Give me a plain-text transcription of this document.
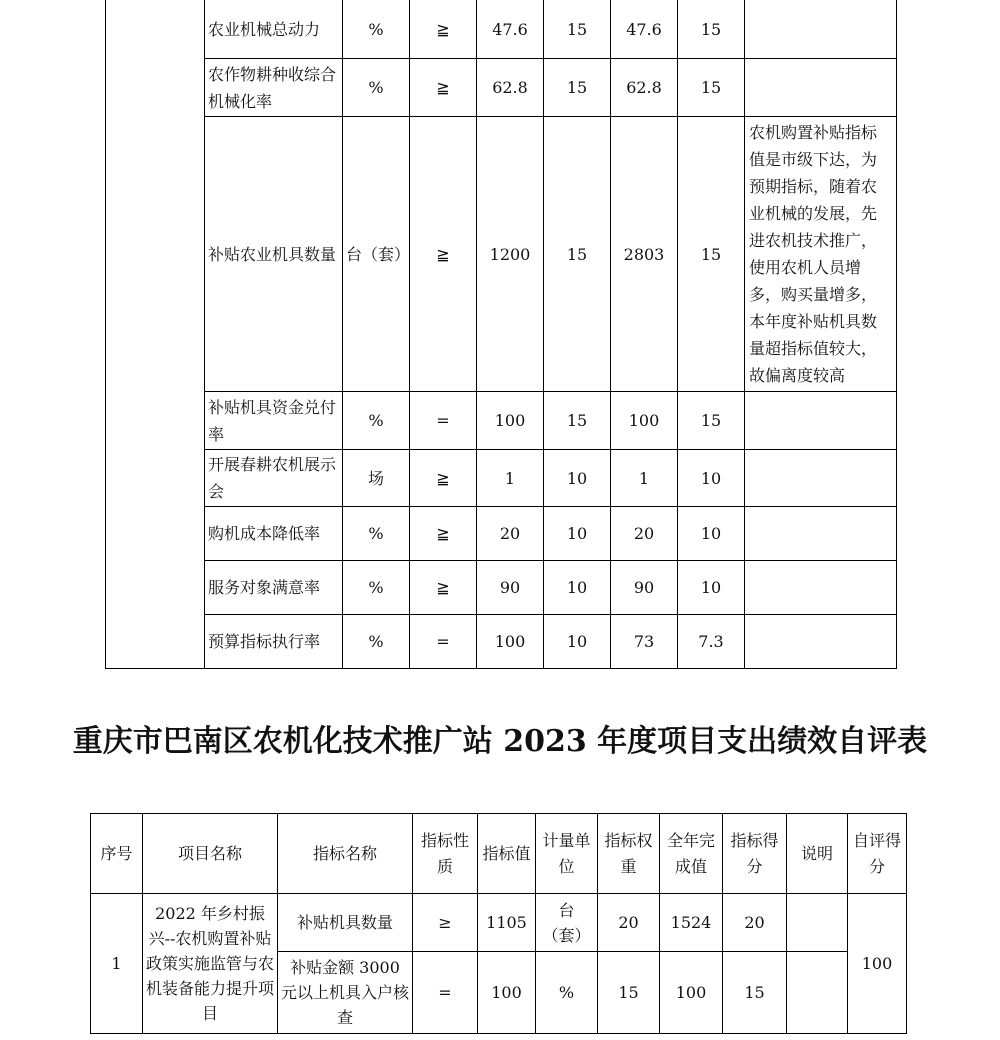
	农业机械总动力	%	≧	47.6	15	47.6	15	
	农作物耕种收综合机械化率	%	≧	62.8	15	62.8	15	
	补贴农业机具数量	台（套）	≧	1200	15	2803	15	农机购置补贴指标值是市级下达，为预期指标，随着农业机械的发展，先进农机技术推广，使用农机人员增多，购买量增多，本年度补贴机具数量超指标值较大，故偏离度较高
	补贴机具资金兑付率	%	=	100	15	100	15	
	开展春耕农机展示会	场	≧	1	10	1	10	
	购机成本降低率	%	≧	20	10	20	10	
	服务对象满意率	%	≧	90	10	90	10	
	预算指标执行率	%	=	100	10	73	7.3	
重庆市巴南区农机化技术推广站 2023 年度项目支出绩效自评表
序号	项目名称	指标名称	指标性质	指标值	计量单位	指标权重	全年完成值	指标得分	说明	自评得分
1	2022 年乡村振兴--农机购置补贴政策实施监管与农机装备能力提升项目	补贴机具数量	≥	1105	台（套）	20	1524	20		100
		补贴金额 3000 元以上机具入户核查	=	100	%	15	100	15		
